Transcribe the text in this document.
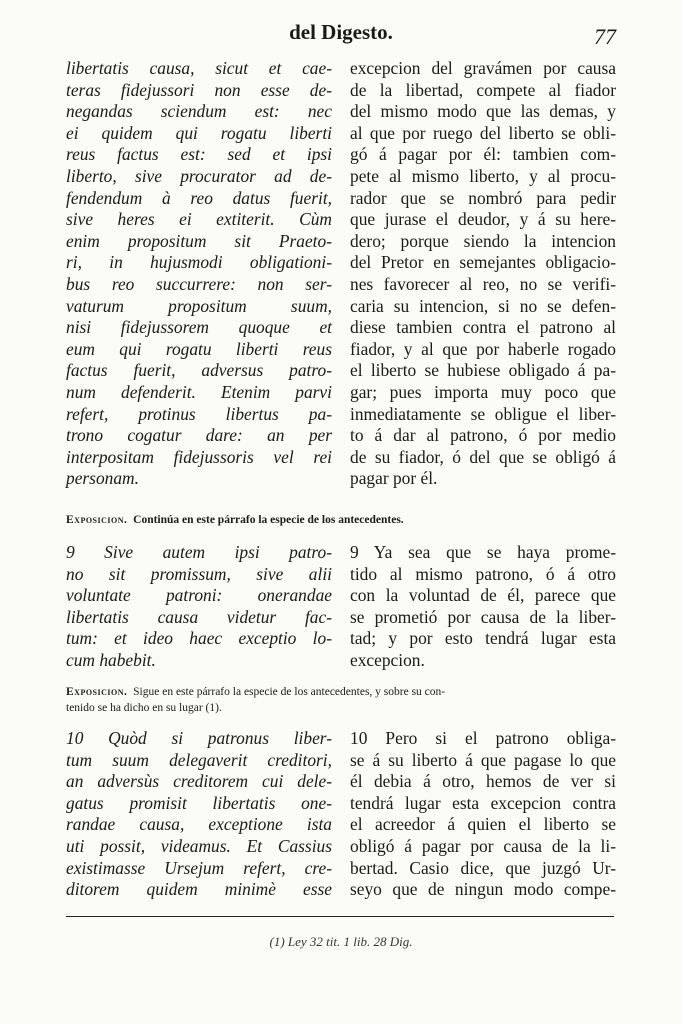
del Digesto.	77
libertatis causa, sicut et cae-
teras fidejussori non esse de-
negandas sciendum est: nec
ei quidem qui rogatu liberti
reus factus est: sed et ipsi
liberto, sive procurator ad de-
fendendum à reo datus fuerit,
sive heres ei extiterit. Cùm
enim propositum sit Praeto-
ri, in hujusmodi obligationi-
bus reo succurrere: non ser-
vaturum propositum suum,
nisi fidejussorem quoque et
eum qui rogatu liberti reus
factus fuerit, adversus patro-
num defenderit. Etenim parvi
refert, protinus libertus pa-
trono cogatur dare: an per
interpositam fidejussoris vel rei
personam.
excepcion del gravámen por causa
de la libertad, compete al fiador
del mismo modo que las demas, y
al que por ruego del liberto se obli-
gó á pagar por él: tambien com-
pete al mismo liberto, y al procu-
rador que se nombró para pedir
que jurase el deudor, y á su here-
dero; porque siendo la intencion
del Pretor en semejantes obligacio-
nes favorecer al reo, no se verifi-
caria su intencion, si no se defen-
diese tambien contra el patrono al
fiador, y al que por haberle rogado
el liberto se hubiese obligado á pa-
gar; pues importa muy poco que
inmediatamente se obligue el liber-
to á dar al patrono, ó por medio
de su fiador, ó del que se obligó á
pagar por él.
Exposicion. Continúa en este párrafo la especie de los antecedentes.
9 Sive autem ipsi patro-
no sit promissum, sive alii
voluntate patroni: onerandae
libertatis causa videtur fac-
tum: et ideo haec exceptio lo-
cum habebit.
9 Ya sea que se haya prome-
tido al mismo patrono, ó á otro
con la voluntad de él, parece que
se prometió por causa de la liber-
tad; y por esto tendrá lugar esta
excepcion.
Exposicion. Sigue en este párrafo la especie de los antecedentes, y sobre su con-
tenido se ha dicho en su lugar (1).
10 Quòd si patronus liber-
tum suum delegaverit creditori,
an adversùs creditorem cui dele-
gatus promisit libertatis one-
randae causa, exceptione ista
uti possit, videamus. Et Cassius
existimasse Ursejum refert, cre-
ditorem quidem minimè esse
10 Pero si el patrono obliga-
se á su liberto á que pagase lo que
él debia á otro, hemos de ver si
tendrá lugar esta excepcion contra
el acreedor á quien el liberto se
obligó á pagar por causa de la li-
bertad. Casio dice, que juzgó Ur-
seyo que de ningun modo compe-
(1) Ley 32 tit. 1 lib. 28 Dig.
